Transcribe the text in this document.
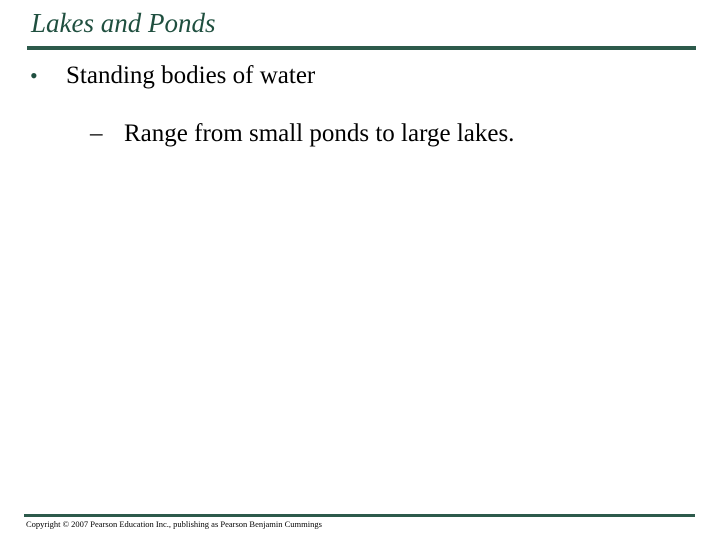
Lakes and Ponds
•	Standing bodies of water
– Range from small ponds to large lakes.
Copyright © 2007 Pearson Education Inc., publishing as Pearson Benjamin Cummings
